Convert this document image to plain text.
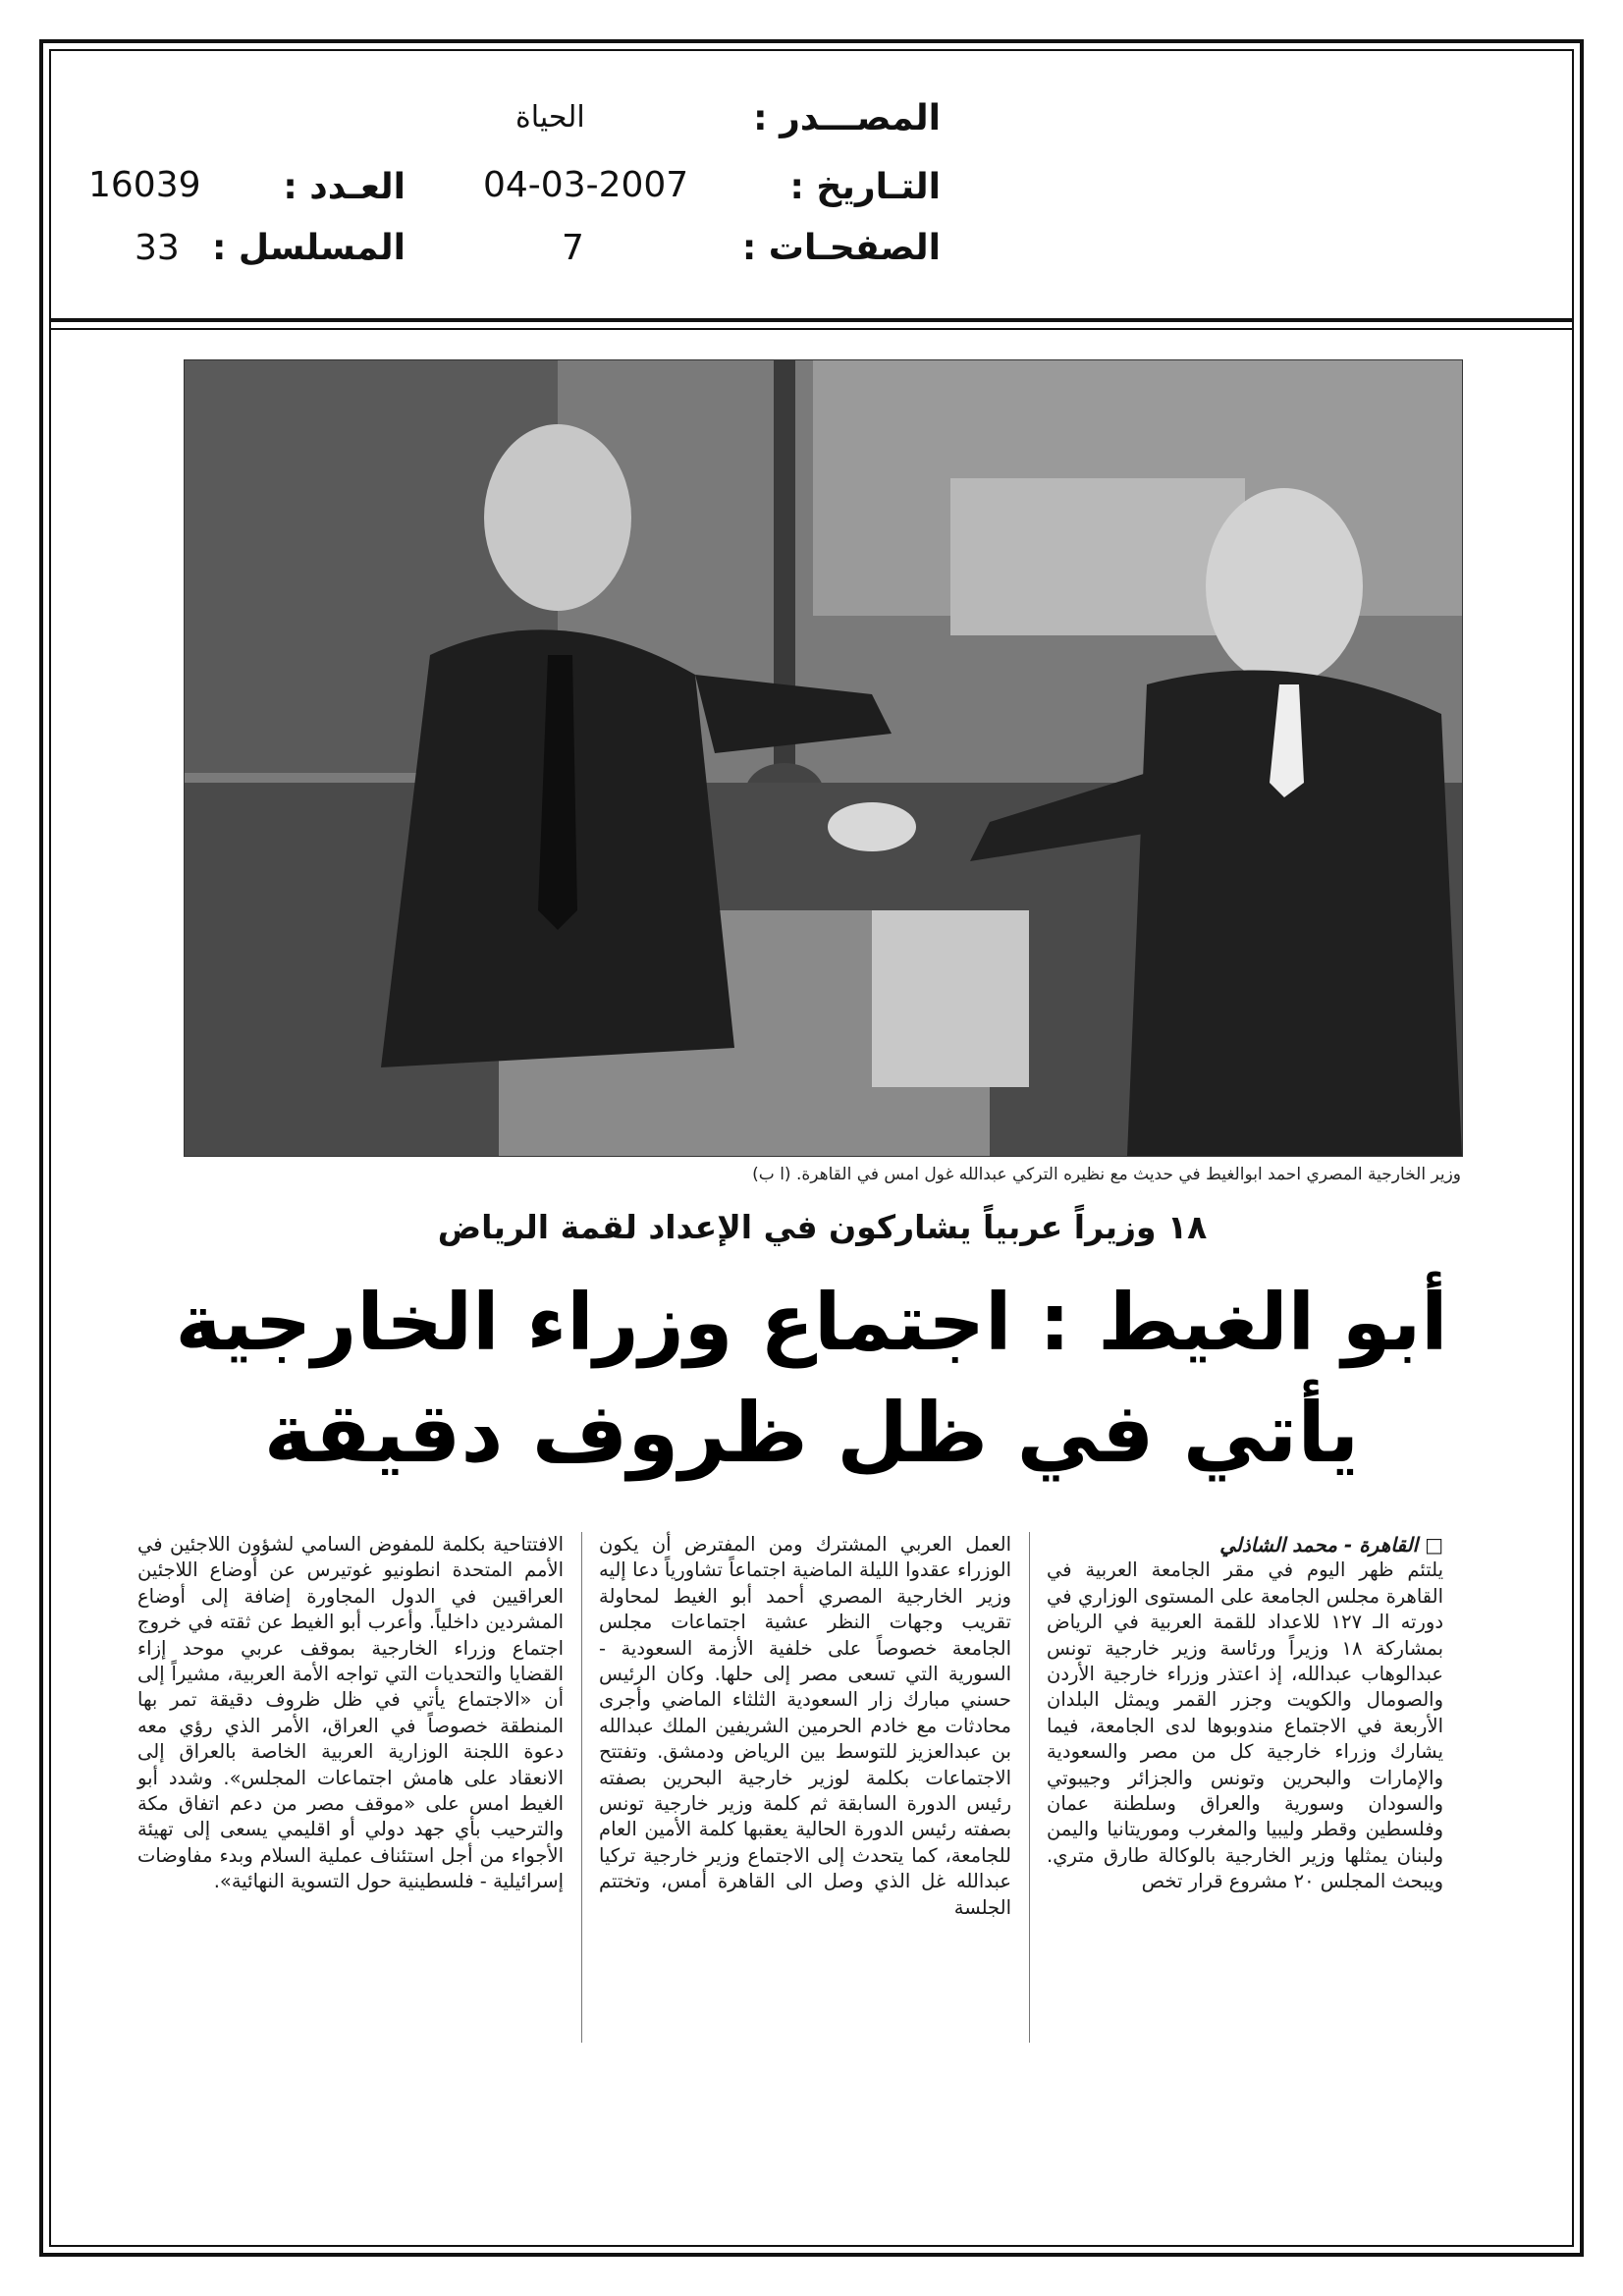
المصـــدر :
الحياة
التـاريخ :
04-03-2007
الصفحـات :
7
العـدد :
16039
المسلسل :
33
وزير الخارجية المصري احمد ابوالغيط في حديث مع نظيره التركي عبدالله غول امس في القاهرة. (ا ب)
١٨ وزيراً عربياً يشاركون في الإعداد لقمة الرياض
أبو الغيط : اجتماع وزراء الخارجية
يأتي في ظل ظروف دقيقة

□ القاهرة - محمد الشاذلي

يلتئم ظهر اليوم في مقر الجامعة العربية في القاهرة مجلس الجامعة على المستوى الوزاري في دورته الـ ١٢٧ للاعداد للقمة العربية في الرياض بمشاركة ١٨ وزيراً ورئاسة وزير خارجية تونس عبدالوهاب عبدالله، إذ اعتذر وزراء خارجية الأردن والصومال والكويت وجزر القمر ويمثل البلدان الأربعة في الاجتماع مندوبوها لدى الجامعة، فيما يشارك وزراء خارجية كل من مصر والسعودية والإمارات والبحرين وتونس والجزائر وجيبوتي والسودان وسورية والعراق وسلطنة عمان وفلسطين وقطر وليبيا والمغرب وموريتانيا واليمن ولبنان يمثلها وزير الخارجية بالوكالة طارق متري. ويبحث المجلس ٢٠ مشروع قرار تخص

العمل العربي المشترك ومن المفترض أن يكون الوزراء عقدوا الليلة الماضية اجتماعاً تشاورياً دعا إليه وزير الخارجية المصري أحمد أبو الغيط لمحاولة تقريب وجهات النظر عشية اجتماعات مجلس الجامعة خصوصاً على خلفية الأزمة السعودية - السورية التي تسعى مصر إلى حلها. وكان الرئيس حسني مبارك زار السعودية الثلثاء الماضي وأجرى محادثات مع خادم الحرمين الشريفين الملك عبدالله بن عبدالعزيز للتوسط بين الرياض ودمشق. وتفتتح الاجتماعات بكلمة لوزير خارجية البحرين بصفته رئيس الدورة السابقة ثم كلمة وزير خارجية تونس بصفته رئيس الدورة الحالية يعقبها كلمة الأمين العام للجامعة، كما يتحدث إلى الاجتماع وزير خارجية تركيا عبدالله غل الذي وصل الى القاهرة أمس، وتختتم الجلسة

الافتتاحية بكلمة للمفوض السامي لشؤون اللاجئين في الأمم المتحدة انطونيو غوتيرس عن أوضاع اللاجئين العراقيين في الدول المجاورة إضافة إلى أوضاع المشردين داخلياً. وأعرب أبو الغيط عن ثقته في خروج اجتماع وزراء الخارجية بموقف عربي موحد إزاء القضايا والتحديات التي تواجه الأمة العربية، مشيراً إلى أن «الاجتماع يأتي في ظل ظروف دقيقة تمر بها المنطقة خصوصاً في العراق، الأمر الذي رؤي معه دعوة اللجنة الوزارية العربية الخاصة بالعراق إلى الانعقاد على هامش اجتماعات المجلس». وشدد أبو الغيط امس على «موقف مصر من دعم اتفاق مكة والترحيب بأي جهد دولي أو اقليمي يسعى إلى تهيئة الأجواء من أجل استئناف عملية السلام وبدء مفاوضات إسرائيلية - فلسطينية حول التسوية النهائية».
